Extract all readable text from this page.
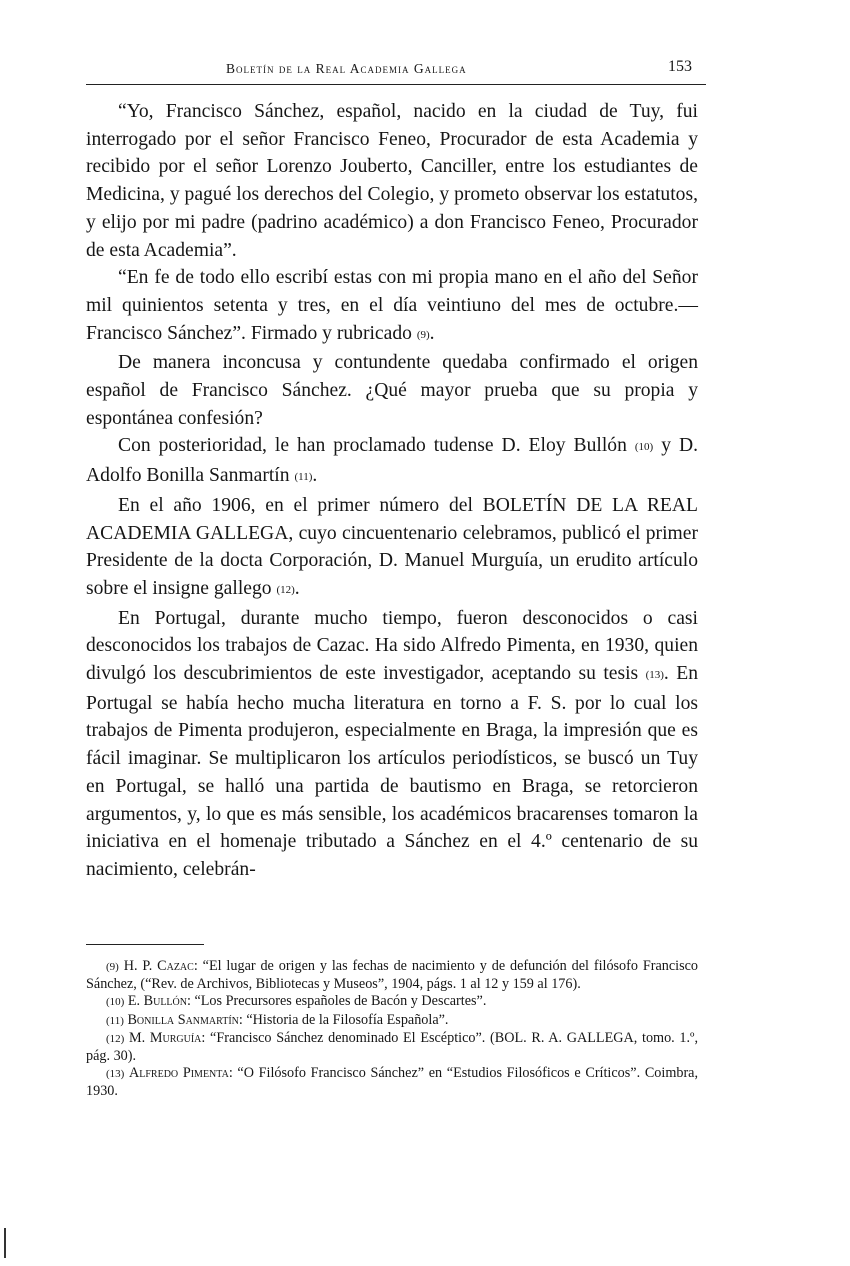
Boletín de la Real Academia Gallega	153

“Yo, Francisco Sánchez, español, nacido en la ciudad de Tuy, fui interrogado por el señor Francisco Feneo, Procurador de esta Academia y recibido por el señor Lorenzo Jouberto, Canciller, entre los estudiantes de Medicina, y pagué los derechos del Colegio, y prometo observar los estatutos, y elijo por mi padre (padrino académico) a don Francisco Feneo, Procurador de esta Academia”.

“En fe de todo ello escribí estas con mi propia mano en el año del Señor mil quinientos setenta y tres, en el día veintiuno del mes de octubre.—Francisco Sánchez”. Firmado y rubricado (9).

De manera inconcusa y contundente quedaba confirmado el origen español de Francisco Sánchez. ¿Qué mayor prueba que su propia y espontánea confesión?

Con posterioridad, le han proclamado tudense D. Eloy Bullón (10) y D. Adolfo Bonilla Sanmartín (11).

En el año 1906, en el primer número del BOLETÍN DE LA REAL ACADEMIA GALLEGA, cuyo cincuentenario celebramos, publicó el primer Presidente de la docta Corporación, D. Manuel Murguía, un erudito artículo sobre el insigne gallego (12).

En Portugal, durante mucho tiempo, fueron desconocidos o casi desconocidos los trabajos de Cazac. Ha sido Alfredo Pimenta, en 1930, quien divulgó los descubrimientos de este investigador, aceptando su tesis (13). En Portugal se había hecho mucha literatura en torno a F. S. por lo cual los trabajos de Pimenta produjeron, especialmente en Braga, la impresión que es fácil imaginar. Se multiplicaron los artículos periodísticos, se buscó un Tuy en Portugal, se halló una partida de bautismo en Braga, se retorcieron argumentos, y, lo que es más sensible, los académicos bracarenses tomaron la iniciativa en el homenaje tributado a Sánchez en el 4.º centenario de su nacimiento, celebrán-

(9) H. P. Cazac: “El lugar de origen y las fechas de nacimiento y de defunción del filósofo Francisco Sánchez, (“Rev. de Archivos, Bibliotecas y Museos”, 1904, págs. 1 al 12 y 159 al 176).

(10) E. Bullón: “Los Precursores españoles de Bacón y Descartes”.

(11) Bonilla Sanmartín: “Historia de la Filosofía Española”.

(12) M. Murguía: “Francisco Sánchez denominado El Escéptico”. (BOL. R. A. GALLEGA, tomo. 1.º, pág. 30).

(13) Alfredo Pimenta: “O Filósofo Francisco Sánchez” en “Estudios Filosóficos e Críticos”. Coimbra, 1930.
